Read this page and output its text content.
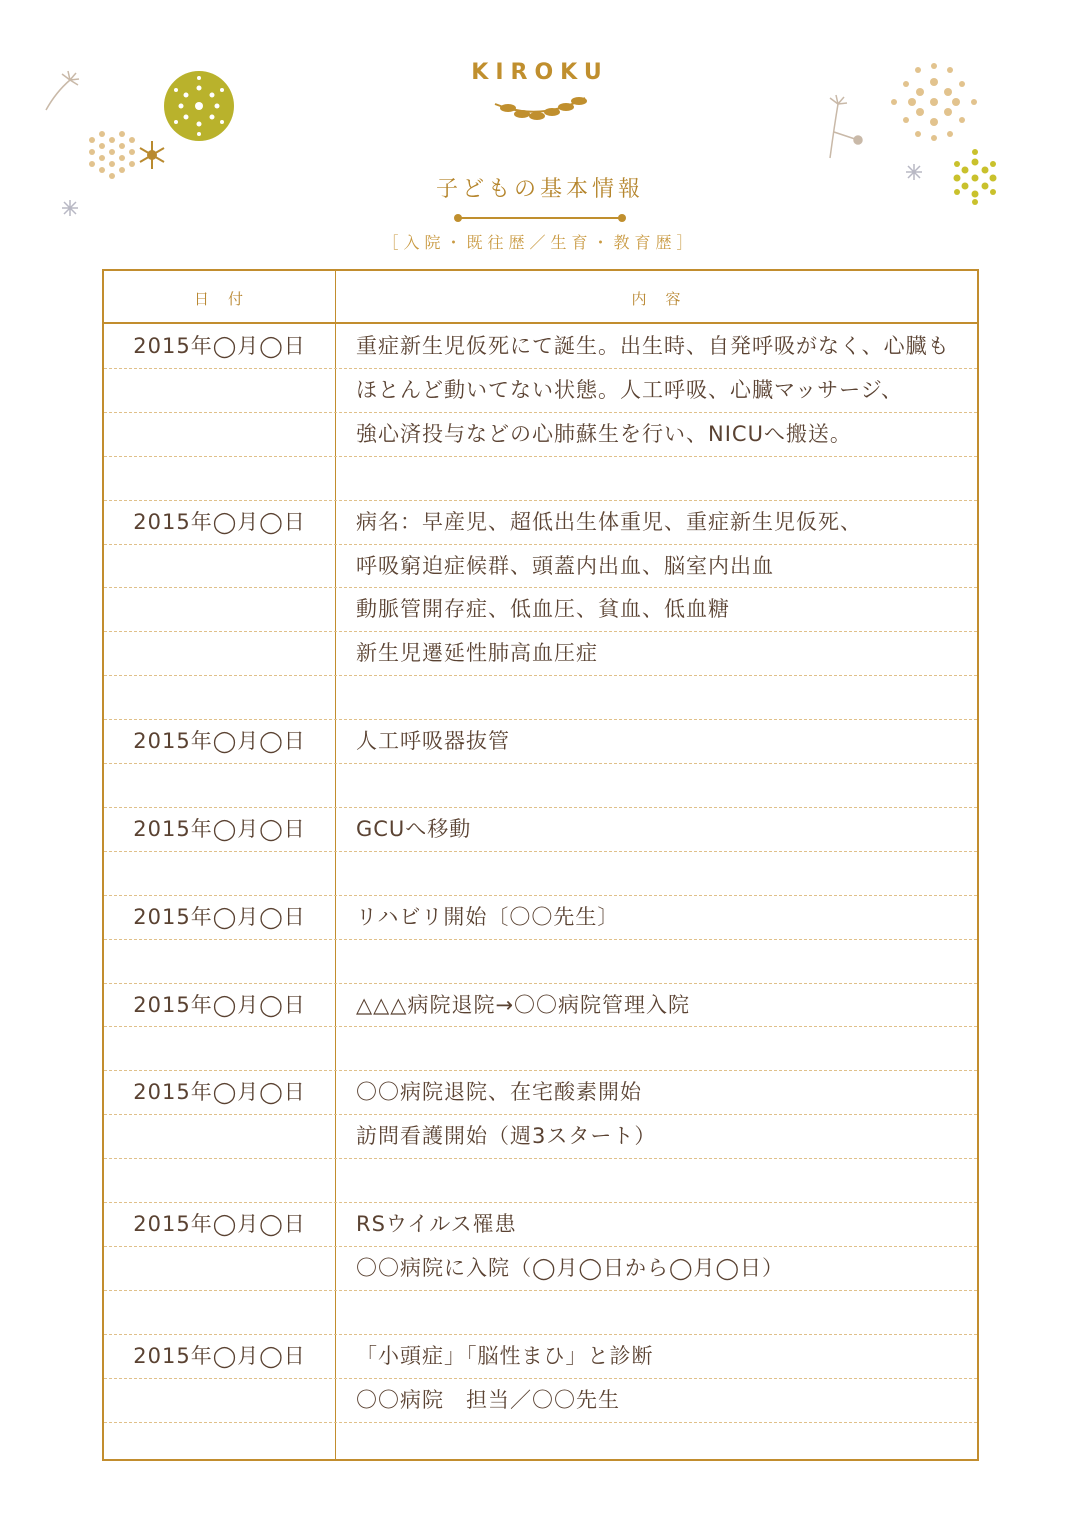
KIROKU
子どもの基本情報
［入院・既往歴／生育・教育歴］
日　付	内　容
2015年◯月◯日	重症新生児仮死にて誕生。出生時、自発呼吸がなく、心臓も
ほとんど動いてない状態。人工呼吸、心臓マッサージ、
強心済投与などの心肺蘇生を行い、NICUへ搬送。
2015年◯月◯日	病名：早産児、超低出生体重児、重症新生児仮死、
呼吸窮迫症候群、頭蓋内出血、脳室内出血
動脈管開存症、低血圧、貧血、低血糖
新生児遷延性肺高血圧症
2015年◯月◯日	人工呼吸器抜管
2015年◯月◯日	GCUへ移動
2015年◯月◯日	リハビリ開始〔〇〇先生〕
2015年◯月◯日	△△△病院退院→〇〇病院管理入院
2015年◯月◯日	〇〇病院退院、在宅酸素開始
訪問看護開始（週3スタート）
2015年◯月◯日	RSウイルス罹患
〇〇病院に入院（◯月◯日から◯月◯日）
2015年◯月◯日	「小頭症」「脳性まひ」と診断
〇〇病院　担当／〇〇先生
